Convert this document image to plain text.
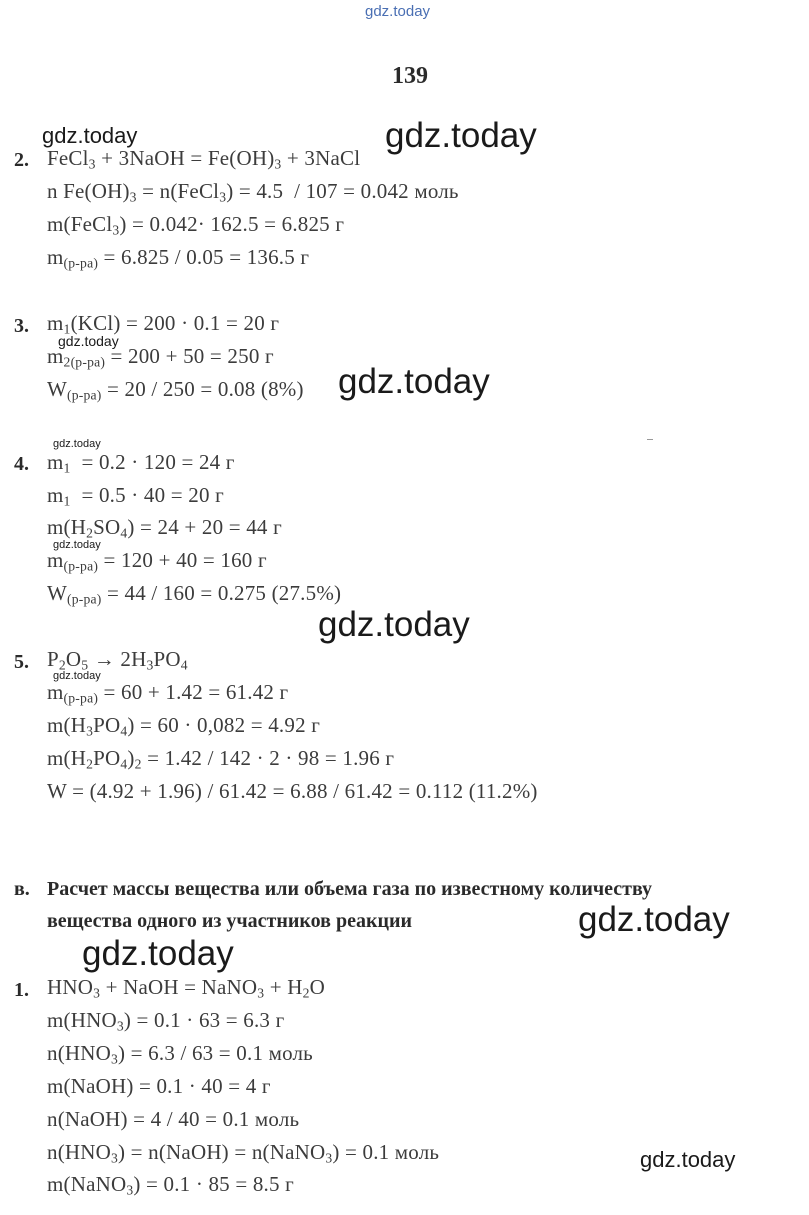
gdz.today
139
2. FeCl$_3$ + 3NaOH = $Fe(OH)_3$ + 3NaCl
n $Fe(OH)_3$ = n(FeCl$_3$) = 4.5  / 107 = 0.042 моль
m(FeCl$_3$) = 0.042· 162.5 = 6.825 г
$m_{(р-ра)} = 6.825 / 0.05 = 136.5$ г
3. $m_1(KCl) = 200 \cdot 0.1 = 20$ г
$m_{2(р-ра)} = 200 + 50 = 250$ г
$W_{(р-ра)} = 20 / 250 = 0.08$ (8%)
4. $m_1 = 0.2 \cdot 120 = 24$ г
$m_1 = 0.5 \cdot 40 = 20$ г
$m(H_2SO_4) = 24 + 20 = 44$ г
$m_{(р-ра)} = 120 + 40 = 160$ г
$W_{(р-ра)} = 44 / 160 = 0.275$ (27.5%)
5. $P_2O_5 \to 2H_3PO_4$
$m_{(р-ра)} = 60 + 1.42 = 61.42$ г
$m(H_3PO_4) = 60 \cdot 0,082 = 4.92$ г
$m(H_2PO_4)_2 = 1.42 / 142 \cdot 2 \cdot 98 = 1.96$ г
W = (4.92 + 1.96) / 61.42 = 6.88 / 61.42 = 0.112 (11.2%)
в. Расчет массы вещества или объема газа по известному количеству
вещества одного из участников реакции
1. $HNO_3$ + NaOH = NaNO$_3$ + $H_2O$
$m(HNO_3) = 0.1 \cdot 63 = 6.3$ г
$n(HNO_3) = 6.3 / 63 = 0.1$ моль
m(NaOH) = 0.1 · 40 = 4 г
n(NaOH) = 4 / 40 = 0.1 моль
$n(HNO_3)$ = n(NaOH) = n(NaNO$_3$) = 0.1 моль
m(NaNO$_3$) = 0.1 · 85 = 8.5 г
gdz.today	gdz.today
gdz.today
gdz.today
gdz.today
gdz.today
gdz.today
gdz.today
gdz.today
gdz.today
gdz.today
